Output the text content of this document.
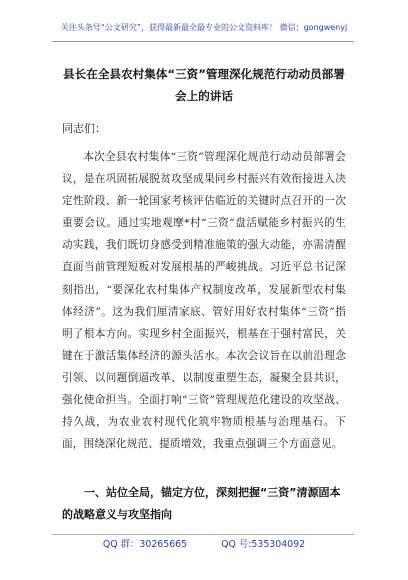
关注头条号“公文研究”，获得最新最全最专业的公文资料库！ 微信：gongwenyj
县长在全县农村集体“三资”管理深化规范行动动员部署会上的讲话
同志们：

本次全县农村集体“三资”管理深化规范行动动员部署会议，是在巩固拓展脱贫攻坚成果同乡村振兴有效衔接进入决定性阶段、新一轮国家考核评估临近的关键时点召开的一次重要会议。通过实地观摩*村“三资”盘活赋能乡村振兴的生动实践，我们既切身感受到精准施策的强大动能，亦需清醒直面当前管理短板对发展根基的严峻挑战。习近平总书记深刻指出，“要深化农村集体产权制度改革，发展新型农村集体经济”。这为我们厘清家底、管好用好农村集体“三资”指明了根本方向。实现乡村全面振兴，根基在于强村富民，关键在于激活集体经济的源头活水。本次会议旨在以前沿理念引领、以问题倒逼改革、以制度重塑生态，凝聚全县共识，强化使命担当。全面打响“三资”管理规范化建设的攻坚战、持久战，为农业农村现代化筑牢物质根基与治理基石。下面，围绕深化规范、提质增效，我重点强调三个方面意见。

一、站位全局，锚定方位，深刻把握“三资”清源固本的战略意义与攻坚指向

QQ 群：30265665	QQ 号:535304092
